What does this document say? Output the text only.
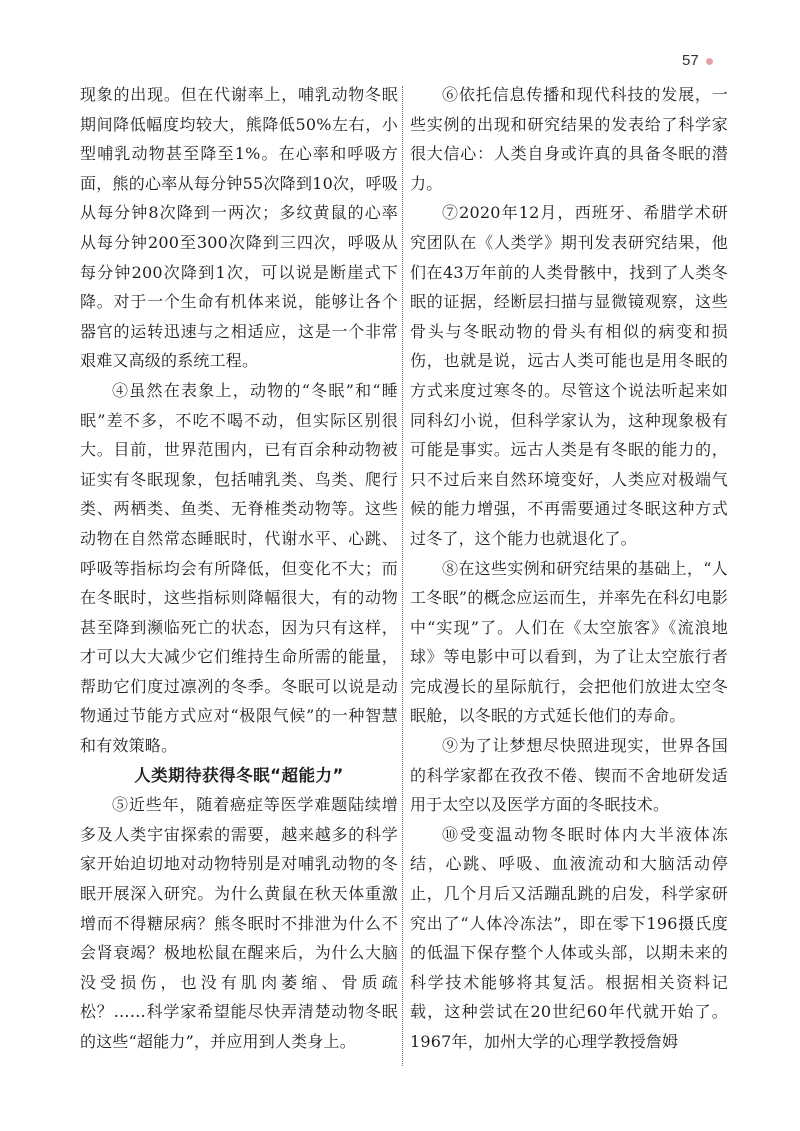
57

现象的出现。但在代谢率上，哺乳动物冬眠期间降低幅度均较大，熊降低50%左右，小型哺乳动物甚至降至1%。在心率和呼吸方面，熊的心率从每分钟55次降到10次，呼吸从每分钟8次降到一两次；多纹黄鼠的心率从每分钟200至300次降到三四次，呼吸从每分钟200次降到1次，可以说是断崖式下降。对于一个生命有机体来说，能够让各个器官的运转迅速与之相适应，这是一个非常艰难又高级的系统工程。

④虽然在表象上，动物的“冬眠”和“睡眠”差不多，不吃不喝不动，但实际区别很大。目前，世界范围内，已有百余种动物被证实有冬眠现象，包括哺乳类、鸟类、爬行类、两栖类、鱼类、无脊椎类动物等。这些动物在自然常态睡眠时，代谢水平、心跳、呼吸等指标均会有所降低，但变化不大；而在冬眠时，这些指标则降幅很大，有的动物甚至降到濒临死亡的状态，因为只有这样，才可以大大减少它们维持生命所需的能量，帮助它们度过凛冽的冬季。冬眠可以说是动物通过节能方式应对“极限气候”的一种智慧和有效策略。

人类期待获得冬眠“超能力”

⑤近些年，随着癌症等医学难题陆续增多及人类宇宙探索的需要，越来越多的科学家开始迫切地对动物特别是对哺乳动物的冬眠开展深入研究。为什么黄鼠在秋天体重激增而不得糖尿病？熊冬眠时不排泄为什么不会肾衰竭？极地松鼠在醒来后，为什么大脑没受损伤，也没有肌肉萎缩、骨质疏松？……科学家希望能尽快弄清楚动物冬眠的这些“超能力”，并应用到人类身上。

⑥依托信息传播和现代科技的发展，一些实例的出现和研究结果的发表给了科学家很大信心：人类自身或许真的具备冬眠的潜力。

⑦2020年12月，西班牙、希腊学术研究团队在《人类学》期刊发表研究结果，他们在43万年前的人类骨骸中，找到了人类冬眠的证据，经断层扫描与显微镜观察，这些骨头与冬眠动物的骨头有相似的病变和损伤，也就是说，远古人类可能也是用冬眠的方式来度过寒冬的。尽管这个说法听起来如同科幻小说，但科学家认为，这种现象极有可能是事实。远古人类是有冬眠的能力的，只不过后来自然环境变好，人类应对极端气候的能力增强，不再需要通过冬眠这种方式过冬了，这个能力也就退化了。

⑧在这些实例和研究结果的基础上，“人工冬眠”的概念应运而生，并率先在科幻电影中“实现”了。人们在《太空旅客》《流浪地球》等电影中可以看到，为了让太空旅行者完成漫长的星际航行，会把他们放进太空冬眠舱，以冬眠的方式延长他们的寿命。

⑨为了让梦想尽快照进现实，世界各国的科学家都在孜孜不倦、锲而不舍地研发适用于太空以及医学方面的冬眠技术。

⑩受变温动物冬眠时体内大半液体冻结，心跳、呼吸、血液流动和大脑活动停止，几个月后又活蹦乱跳的启发，科学家研究出了“人体冷冻法”，即在零下196摄氏度的低温下保存整个人体或头部，以期未来的科学技术能够将其复活。根据相关资料记载，这种尝试在20世纪60年代就开始了。1967年，加州大学的心理学教授詹姆
